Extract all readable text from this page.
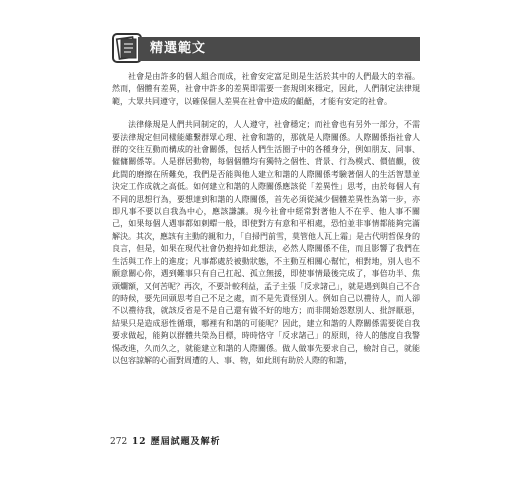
精選範文

社會是由許多的個人組合而成，社會安定富足則是生活於其中的人們最大的幸福。然而，個體有差異，社會中許多的差異即需要一套規則來穩定，因此，人們制定法律規範，大眾共同遵守，以確保個人差異在社會中造成的齟齬，才能有安定的社會。

法律條規是人們共同制定的，人人遵守，社會穩定；而社會也有另外一部分，不需要法律規定但同樣能雖繫群眾心理、社會和諧的，那就是人際關係。人際關係指社會人群的交往互動而構成的社會關係，包括人們生活圈子中的各種身分，例如朋友、同事、僱傭關係等。人是群居動物，每個個體均有獨特之個性、背景、行為模式、價值觀，彼此間的磨擦在所難免，我們是否能與他人建立和諧的人際關係考驗著個人的生活智慧並決定工作成就之高低。如何建立和諧的人際關係應該從「差異性」思考，由於每個人有不同的思想行為，要想達到和諧的人際關係，首先必須從減少個體差異性為第一步，亦即凡事不要以自我為中心，應該謙讓。現今社會中經常對著他人不在乎、他人事不關己，如果每個人遇事都如刺蝟一般，即使對方有意和平相處，恐怕並非事情都能夠完滿解決。其次，應該有主動的親和力，「自掃門前雪，莫管他人瓦上霜」是古代明哲保身的良言，但是，如果在現代社會仍抱持如此想法，必然人際關係不佳，而且影響了我們在生活與工作上的進度；凡事都處於被動狀態，不主動互相關心幫忙，相對地，別人也不願意關心你，遇到難事只有自己扛起、孤立無援，即使事情最後完成了，事倍功半、焦頭爛額，又何苦呢？再次，不要計較利益，孟子主張「反求諸己」，就是遇到與自己不合的時候，要先回頭思考自己不足之處，而不是先責怪別人。例如自己以禮待人，而人卻不以禮待我，就該反省是不是自己還有做不好的地方；而非開始怨懟別人、批評厭惡，結果只是造成惡性循環，哪裡有和諧的可能呢？因此，建立和諧的人際關係需要從自我要求做起，能夠以群體共榮為目標，時時恪守「反求諸己」的原則，待人的態度自我警惕改進，久而久之，就能建立和諧的人際關係。做人做事先要求自己，檢討自己，就能以包容諒解的心面對周遭的人、事、物，如此則有助於人際的和諧，

272 12 歷屆試題及解析
